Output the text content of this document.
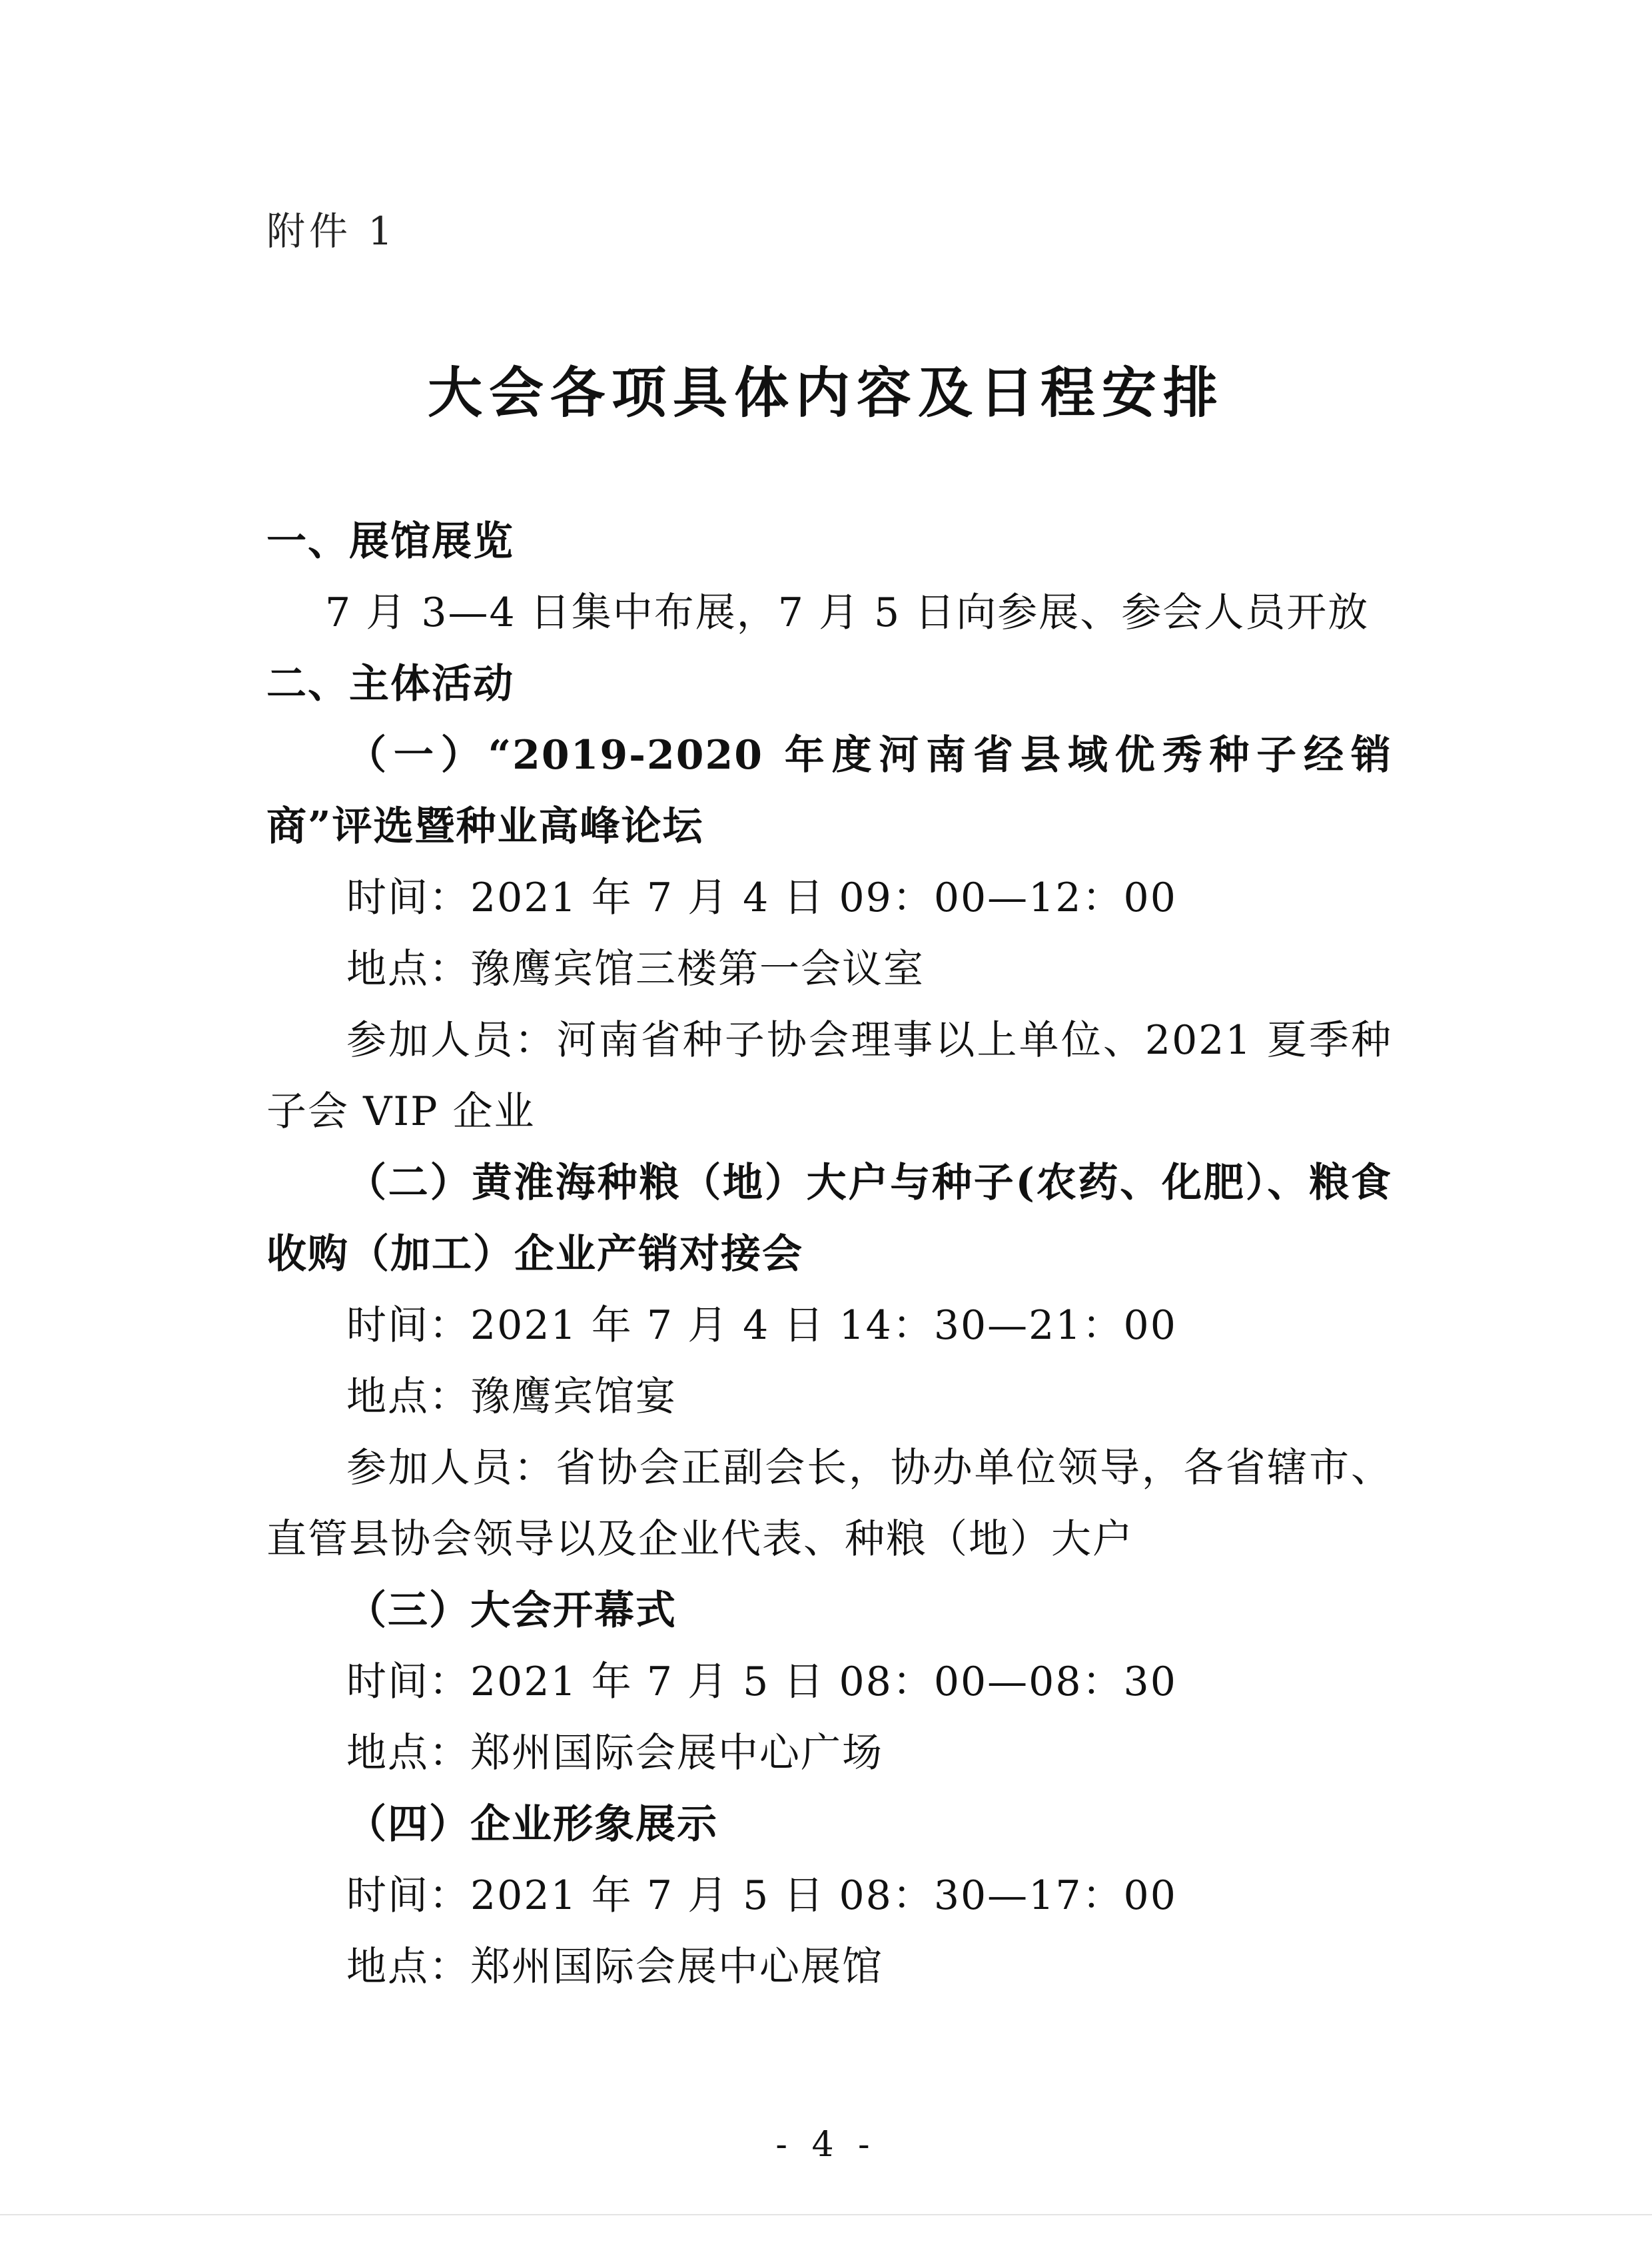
附件 1
大会各项具体内容及日程安排

一、展馆展览

7 月 3—4 日集中布展，7 月 5 日向参展、参会人员开放

二、主体活动

（一）“2019-2020 年度河南省县域优秀种子经销商”评选暨种业高峰论坛

时间：2021 年 7 月 4 日 09：00—12：00

地点：豫鹰宾馆三楼第一会议室

参加人员：河南省种子协会理事以上单位、2021 夏季种子会 VIP 企业

（二）黄淮海种粮（地）大户与种子(农药、化肥）、粮食收购（加工）企业产销对接会

时间：2021 年 7 月 4 日 14：30—21：00

地点：豫鹰宾馆宴

参加人员：省协会正副会长，协办单位领导，各省辖市、直管县协会领导以及企业代表、种粮（地）大户

（三）大会开幕式

时间：2021 年 7 月 5 日 08：00—08：30

地点：郑州国际会展中心广场

（四）企业形象展示

时间：2021 年 7 月 5 日 08：30—17：00

地点：郑州国际会展中心展馆

- 4 -
